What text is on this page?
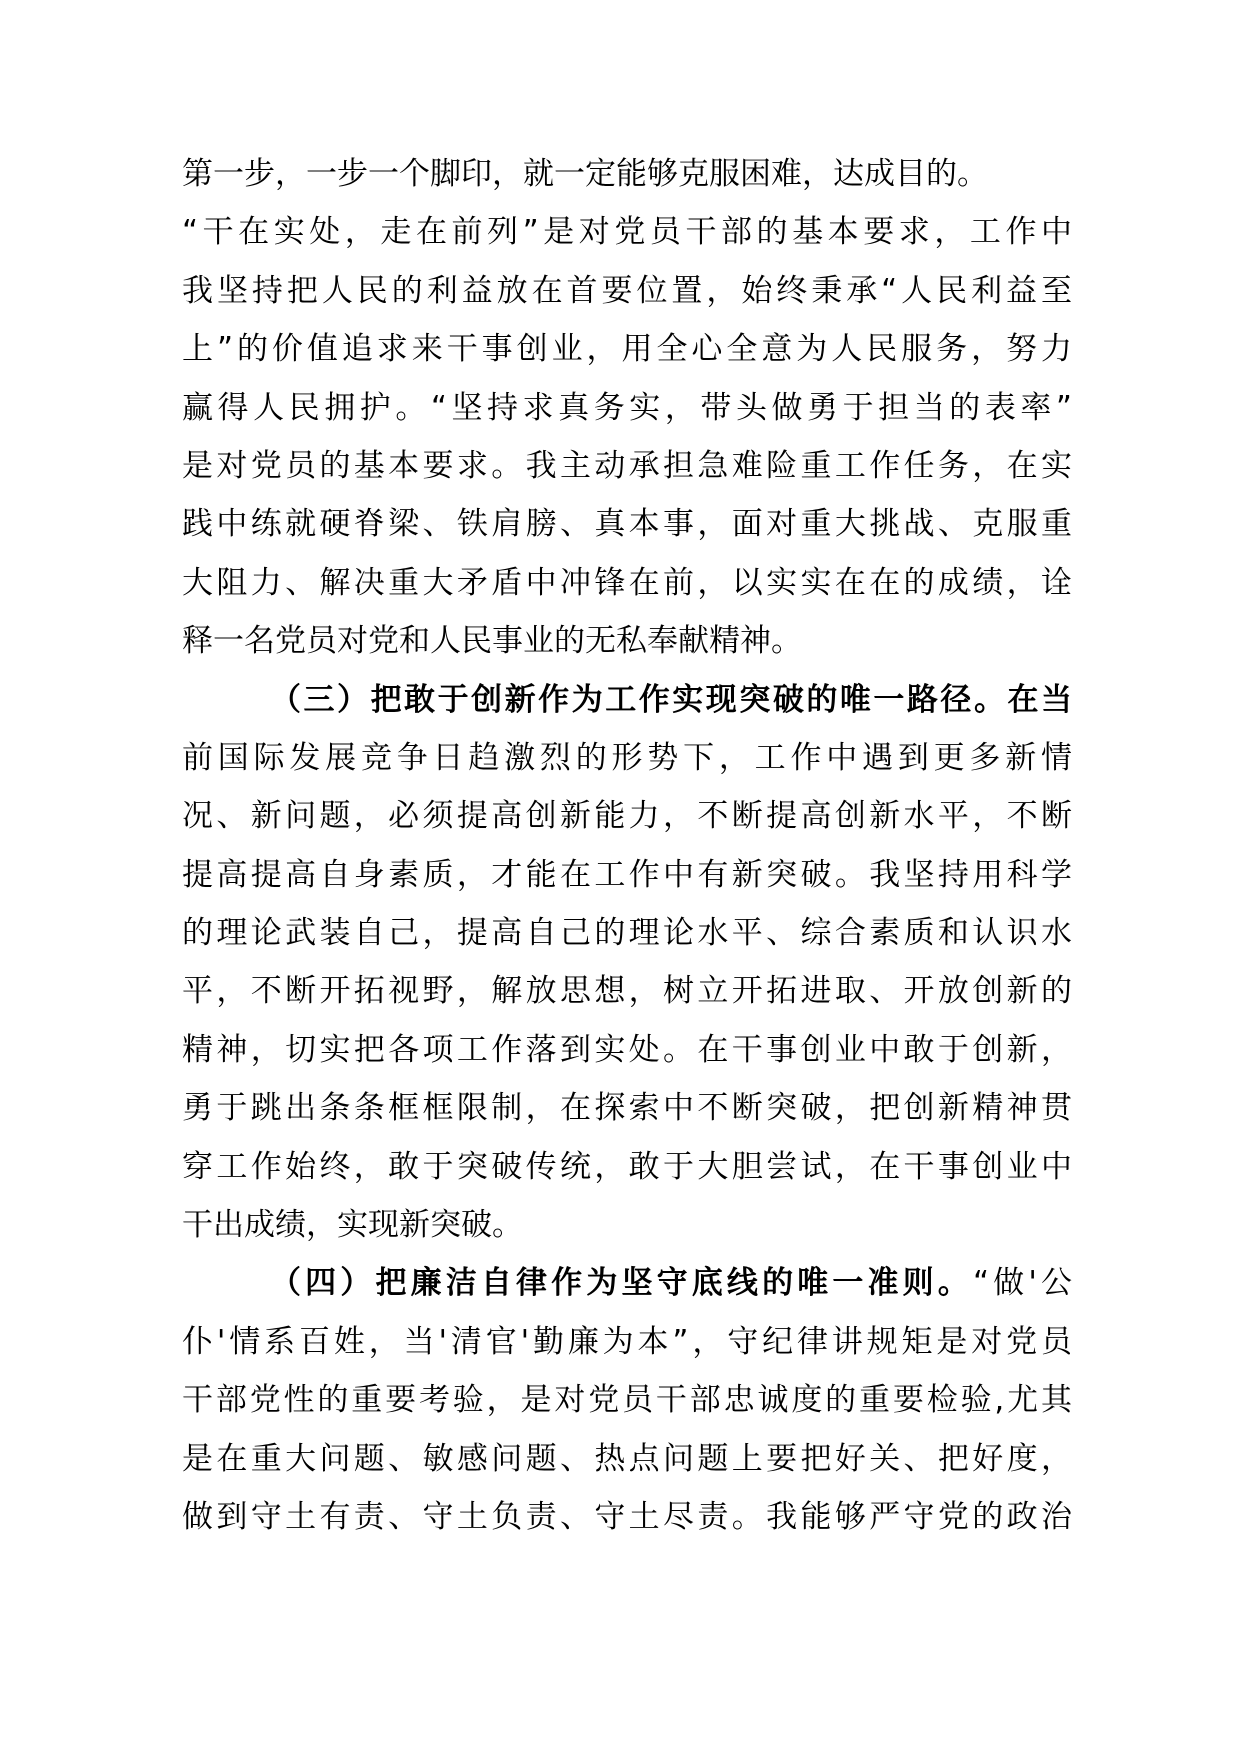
第一步，一步一个脚印，就一定能够克服困难，达成目的。
“干在实处，走在前列”是对党员干部的基本要求，工作中
我坚持把人民的利益放在首要位置，始终秉承“人民利益至
上”的价值追求来干事创业，用全心全意为人民服务，努力
赢得人民拥护。“坚持求真务实，带头做勇于担当的表率”
是对党员的基本要求。我主动承担急难险重工作任务，在实
践中练就硬脊梁、铁肩膀、真本事，面对重大挑战、克服重
大阻力、解决重大矛盾中冲锋在前，以实实在在的成绩，诠
释一名党员对党和人民事业的无私奉献精神。
（三）把敢于创新作为工作实现突破的唯一路径。在当
前国际发展竞争日趋激烈的形势下，工作中遇到更多新情
况、新问题，必须提高创新能力，不断提高创新水平，不断
提高提高自身素质，才能在工作中有新突破。我坚持用科学
的理论武装自己，提高自己的理论水平、综合素质和认识水
平，不断开拓视野，解放思想，树立开拓进取、开放创新的
精神，切实把各项工作落到实处。在干事创业中敢于创新，
勇于跳出条条框框限制，在探索中不断突破，把创新精神贯
穿工作始终，敢于突破传统，敢于大胆尝试，在干事创业中
干出成绩，实现新突破。
（四）把廉洁自律作为坚守底线的唯一准则。“做'公
仆'情系百姓，当'清官'勤廉为本”，守纪律讲规矩是对党员
干部党性的重要考验，是对党员干部忠诚度的重要检验,尤其
是在重大问题、敏感问题、热点问题上要把好关、把好度，
做到守土有责、守土负责、守土尽责。我能够严守党的政治
